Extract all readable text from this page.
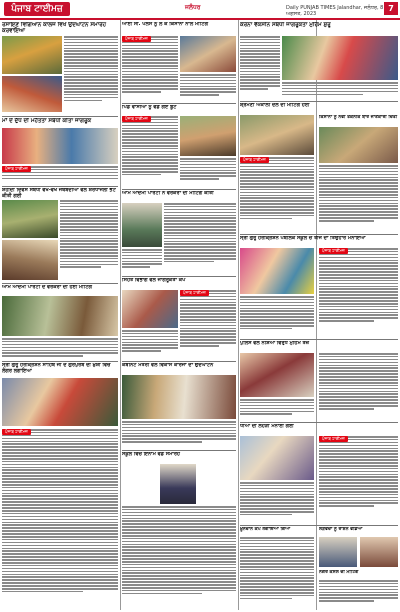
ਪੰਜਾਬ ਟਾਈਮਜ਼	ਜਲੰਧਰ	Daily PUNJAB TIMES Jalandhar, ਜਲੰਧਰ, 8 ਅਗਸਤ, 2023
7
ਰਸਾਇਣ ਵਿਗਿਆਨ ਕਾਲਜ ਵਿਖੇ ਉਦਘਾਟਨ ਸਮਾਰੋਹ ਕਰਵਾਇਆ
ਮਾਂ ਦੇ ਦੁੱਧ ਦੀ ਮਹੱਤਤਾ ਸਬੰਧੀ ਕੀਤਾ ਜਾਗਰੂਕ
ਪੰਜਾਬ ਟਾਈਮਜ਼
ਸ਼ਹੀਦੀ ਦਿਵਸ ਸਬੰਧੀ ਵੱਖ-ਵੱਖ ਜਥੇਬੰਦੀਆਂ ਵੱਲੋਂ ਸ਼ਰਧਾਂਜਲੀ ਭੇਟ ਕੀਤੀ ਗਈ
ਆਮ ਆਦਮੀ ਪਾਰਟੀ ਦੇ ਵਰਕਰਾਂ ਦੀ ਹੋਈ ਮੀਟਿੰਗ
ਸ੍ਰੀ ਗੁਰੂ ਹਰਕ੍ਰਿਸ਼ਨ ਸਾਹਿਬ ਜੀ ਦੇ ਗੁਰਪੁਰਬ ਦੀ ਖ਼ੁਸ਼ੀ ਵਿੱਚ ਲੰਗਰ ਲਗਾਇਆ
ਆਈ ਸੀ. ਪਲਸ ਨੂੰ ਲੈ ਕੇ ਕਿਸਾਨਾਂ ਨਾਲ ਮੀਟਿੰਗ
ਪਿੰਡ ਵਾਸੀਆਂ ਨੂੰ ਵੰਡੇ ਗਏ ਬੂਟੇ
ਆਮ ਆਦਮੀ ਪਾਰਟੀ ਨੇ ਵਰਕਰਾਂ ਦੀ ਮੀਟਿੰਗ ਕੀਤੀ
ਸਿਹਤ ਵਿਭਾਗ ਵੱਲੋਂ ਜਾਗਰੂਕਤਾ ਕੈਂਪ
ਕੈਬਨਿਟ ਮੰਤਰੀ ਵੱਲੋਂ ਵਿਕਾਸ ਕਾਰਜਾਂ ਦਾ ਉਦਘਾਟਨ
ਸਕੂਲ ਵਿੱਚ ਇਨਾਮ ਵੰਡ ਸਮਾਰੋਹ
ਕੋਰੋਨਾ ਵੈਕਸੀਨ ਸਬੰਧੀ ਜਾਗਰੂਕਤਾ ਮੁਹਿੰਮ ਸ਼ੁਰੂ
ਸ਼੍ਰੋਮਣੀ ਅਕਾਲੀ ਦਲ ਦੀ ਮੀਟਿੰਗ ਹੋਈ
ਪੰਜਾਬ ਟਾਈਮਜ਼
ਕਿਸਾਨਾਂ ਨੂੰ ਨਵੀਂ ਤਕਨੀਕ ਬਾਰੇ ਜਾਣਕਾਰੀ ਦਿੱਤੀ
ਸ੍ਰੀ ਗੁਰੂ ਹਰਕ੍ਰਿਸ਼ਨ ਪਬਲਿਕ ਸਕੂਲ ਚ ਤੀਜ ਦਾ ਤਿਉਹਾਰ ਮਨਾਇਆ
ਪੁਲਿਸ ਵੱਲੋਂ ਨਸ਼ਿਆਂ ਵਿਰੁੱਧ ਮੁਹਿੰਮ ਤੇਜ਼
ਧੀਆਂ ਦੀ ਲੋਹੜੀ ਮਨਾਈ ਗਈ
ਖ਼ੂਨਦਾਨ ਕੈਂਪ ਲਗਾਇਆ ਗਿਆ	ਲੋੜਵੰਦਾਂ ਨੂੰ ਰਾਸ਼ਨ ਵੰਡਿਆ
ਨਗਰ ਕੌਂਸਲ ਦੀ ਮੀਟਿੰਗ
ਪੰਜਾਬ ਟਾਈਮਜ਼
ਪੰਜਾਬ ਟਾਈਮਜ਼
ਪੰਜਾਬ ਟਾਈਮਜ਼
ਪੰਜਾਬ ਟਾਈਮਜ਼
ਪੰਜਾਬ ਟਾਈਮਜ਼
ਪੰਜਾਬ ਟਾਈਮਜ਼
